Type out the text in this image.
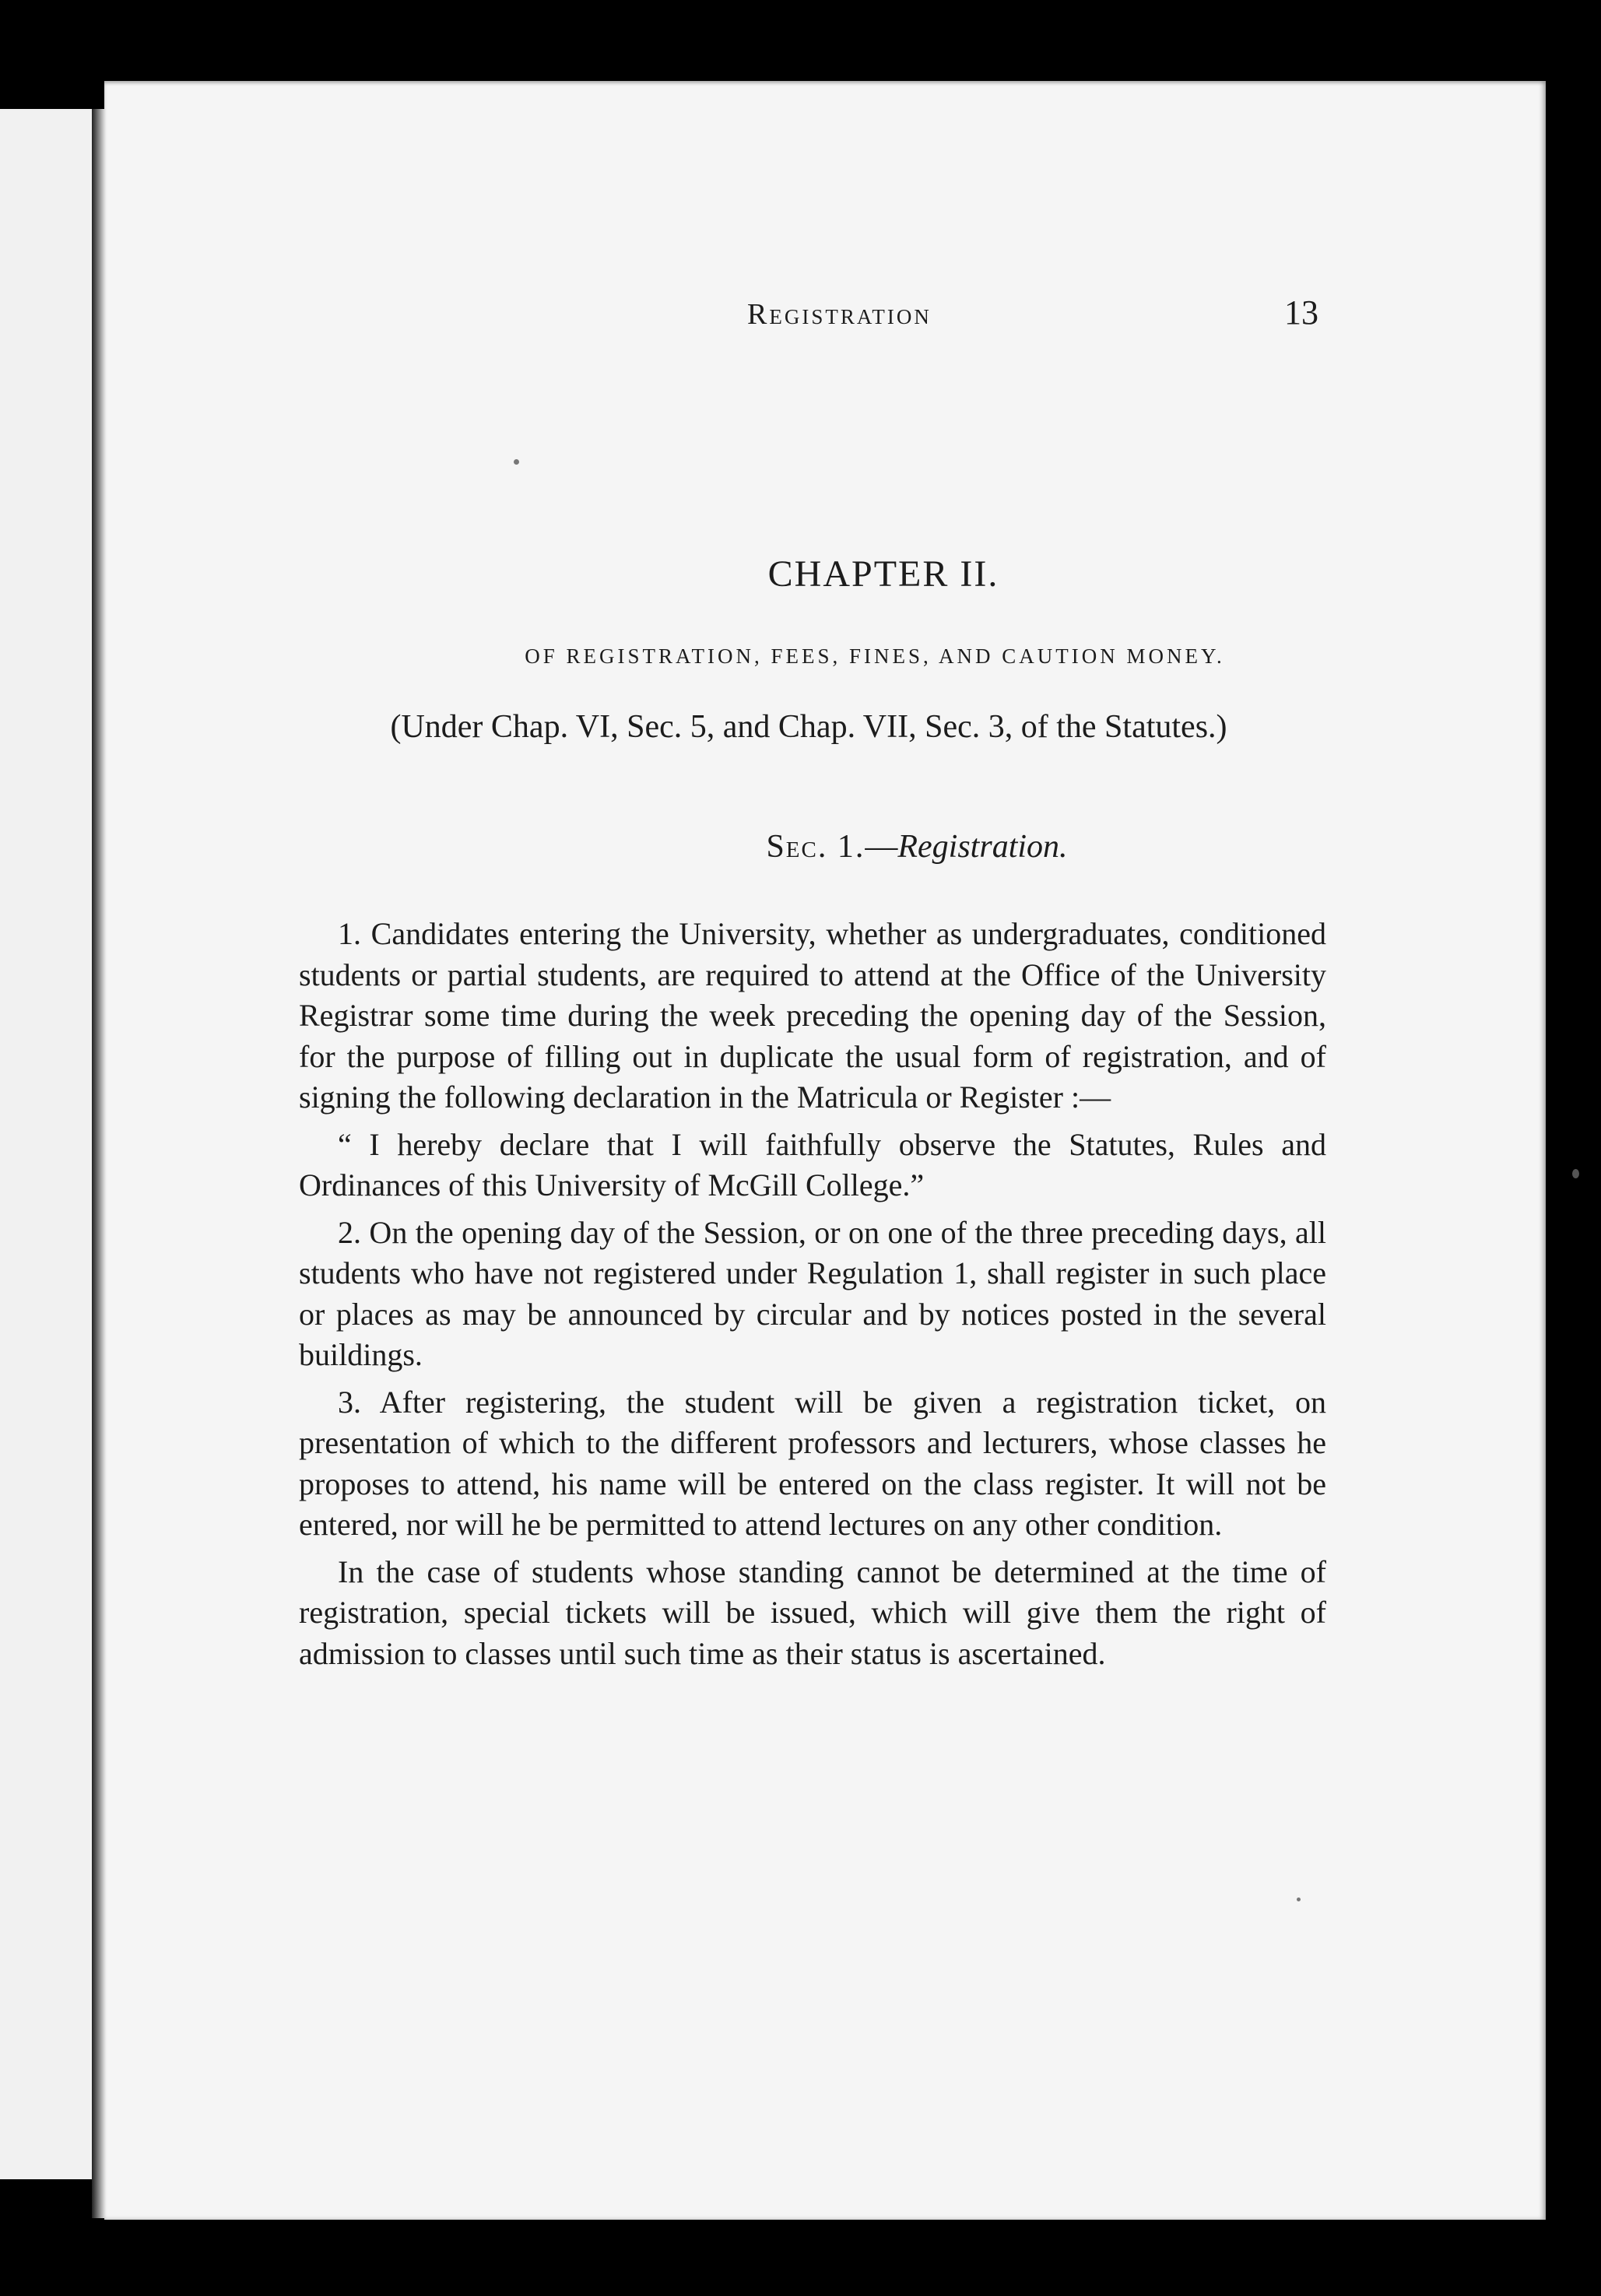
Registration	13
CHAPTER II.
OF REGISTRATION, FEES, FINES, AND CAUTION MONEY.
(Under Chap. VI, Sec. 5, and Chap. VII, Sec. 3, of the Statutes.)
Sec. 1.—Registration.

1. Candidates entering the University, whether as undergraduates, conditioned students or partial students, are required to attend at the Office of the University Registrar some time during the week preceding the opening day of the Session, for the purpose of filling out in duplicate the usual form of registration, and of signing the following declaration in the Matricula or Register :—

“ I hereby declare that I will faithfully observe the Statutes, Rules and Ordinances of this University of McGill College.”

2. On the opening day of the Session, or on one of the three preceding days, all students who have not registered under Regulation 1, shall register in such place or places as may be announced by circular and by notices posted in the several buildings.

3. After registering, the student will be given a registration ticket, on presentation of which to the different professors and lecturers, whose classes he proposes to attend, his name will be entered on the class register. It will not be entered, nor will he be permitted to attend lectures on any other condition.

In the case of students whose standing cannot be determined at the time of registration, special tickets will be issued, which will give them the right of admission to classes until such time as their status is ascertained.
